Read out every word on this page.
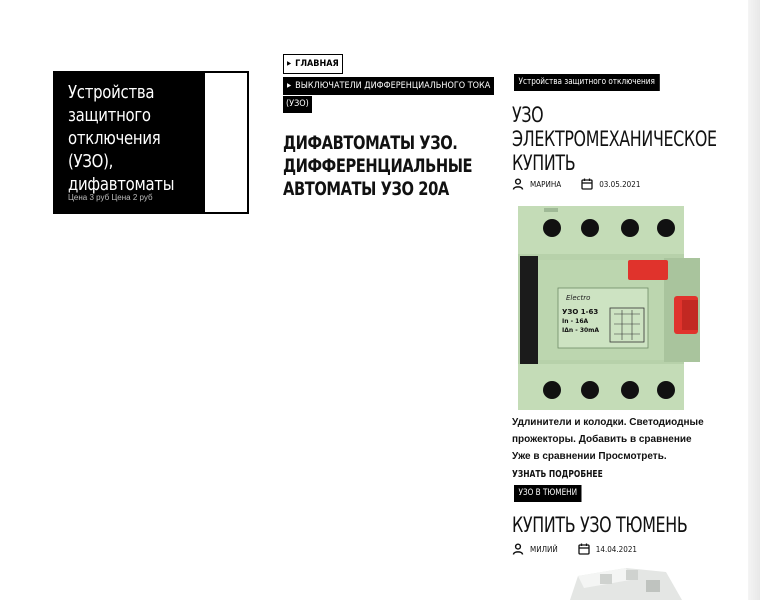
Устройства защитного отключения (УЗО), дифавтоматы
Цена 3 руб Цена 2 руб
▶ ГЛАВНАЯ
▶ ВЫКЛЮЧАТЕЛИ ДИФФЕРЕНЦИАЛЬНОГО ТОКА
(УЗО)
ДИФАВТОМАТЫ УЗО. ДИФФЕРЕНЦИАЛЬНЫЕ АВТОМАТЫ УЗО 20А
Устройства защитного отключения
УЗО ЭЛЕКТРОМЕХАНИЧЕСКОЕ КУПИТЬ
МАРИНА	03.05.2021
Electro
УЗО 1-63
In - 16A
IΔn - 30mA
Удлинители и колодки. Светодиодные прожекторы. Добавить в сравнение Уже в сравнении Просмотреть.
УЗНАТЬ ПОДРОБНЕЕ
УЗО В ТЮМЕНИ
КУПИТЬ УЗО ТЮМЕНЬ
МИЛИЙ	14.04.2021
